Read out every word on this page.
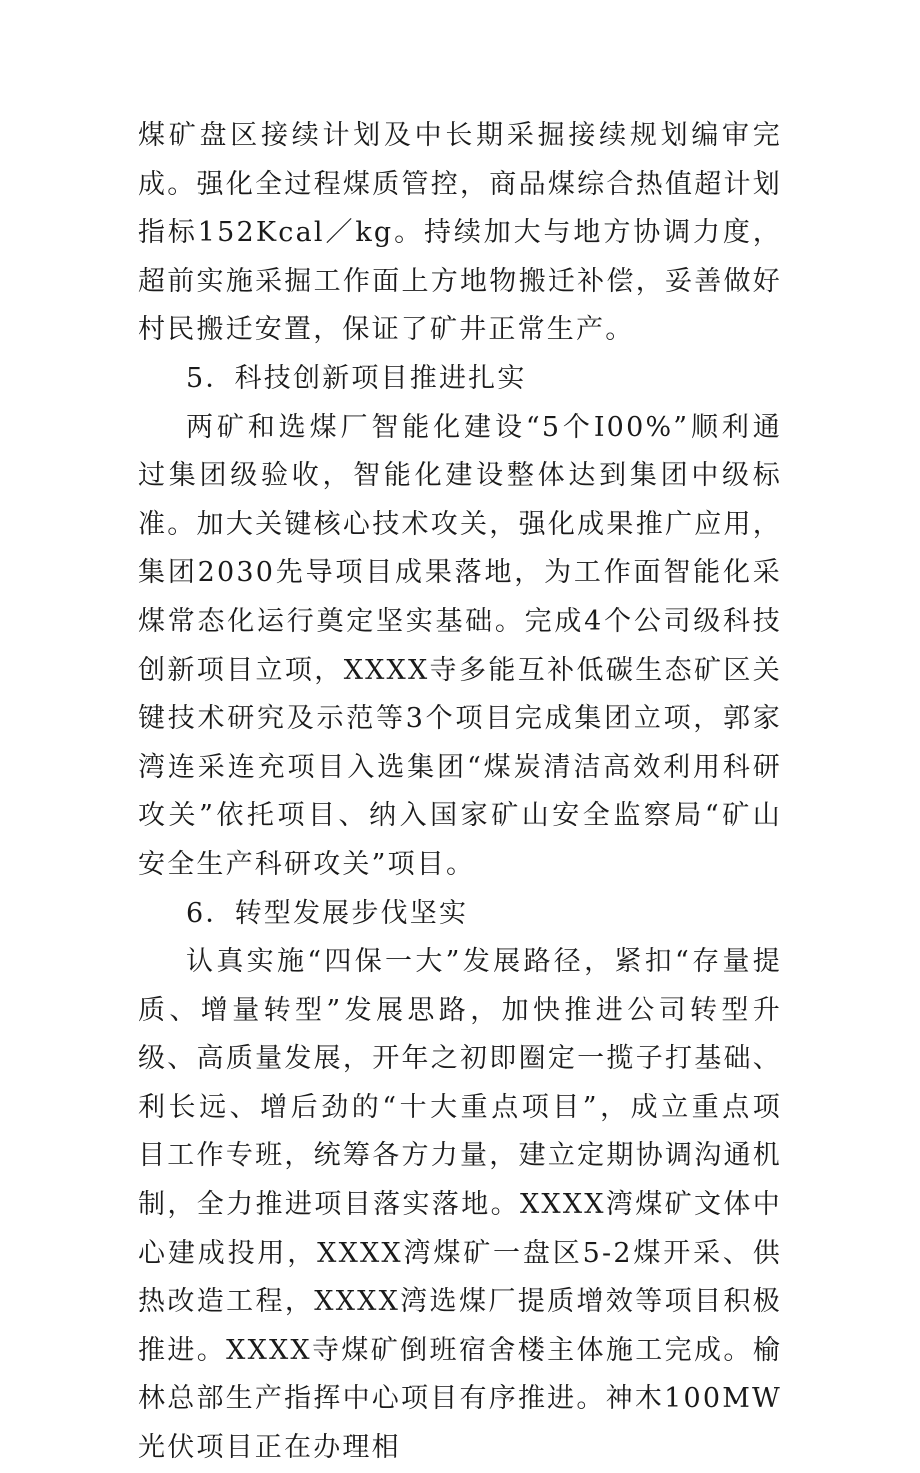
煤矿盘区接续计划及中长期采掘接续规划编审完成。强化全过程煤质管控，商品煤综合热值超计划指标152Kcal／kg。持续加大与地方协调力度，超前实施采掘工作面上方地物搬迁补偿，妥善做好村民搬迁安置，保证了矿井正常生产。

5．科技创新项目推进扎实

两矿和选煤厂智能化建设“5个I00%”顺利通过集团级验收，智能化建设整体达到集团中级标准。加大关键核心技术攻关，强化成果推广应用，集团2030先导项目成果落地，为工作面智能化采煤常态化运行奠定坚实基础。完成4个公司级科技创新项目立项，XXXX寺多能互补低碳生态矿区关键技术研究及示范等3个项目完成集团立项，郭家湾连采连充项目入选集团“煤炭清洁高效利用科研攻关”依托项目、纳入国家矿山安全监察局“矿山安全生产科研攻关”项目。

6．转型发展步伐坚实

认真实施“四保一大”发展路径，紧扣“存量提质、增量转型”发展思路，加快推进公司转型升级、高质量发展，开年之初即圈定一揽子打基础、利长远、增后劲的“十大重点项目”，成立重点项目工作专班，统筹各方力量，建立定期协调沟通机制，全力推进项目落实落地。XXXX湾煤矿文体中心建成投用，XXXX湾煤矿一盘区5-2煤开采、供热改造工程，XXXX湾选煤厂提质增效等项目积极推进。XXXX寺煤矿倒班宿舍楼主体施工完成。榆林总部生产指挥中心项目有序推进。神木100MW光伏项目正在办理相
